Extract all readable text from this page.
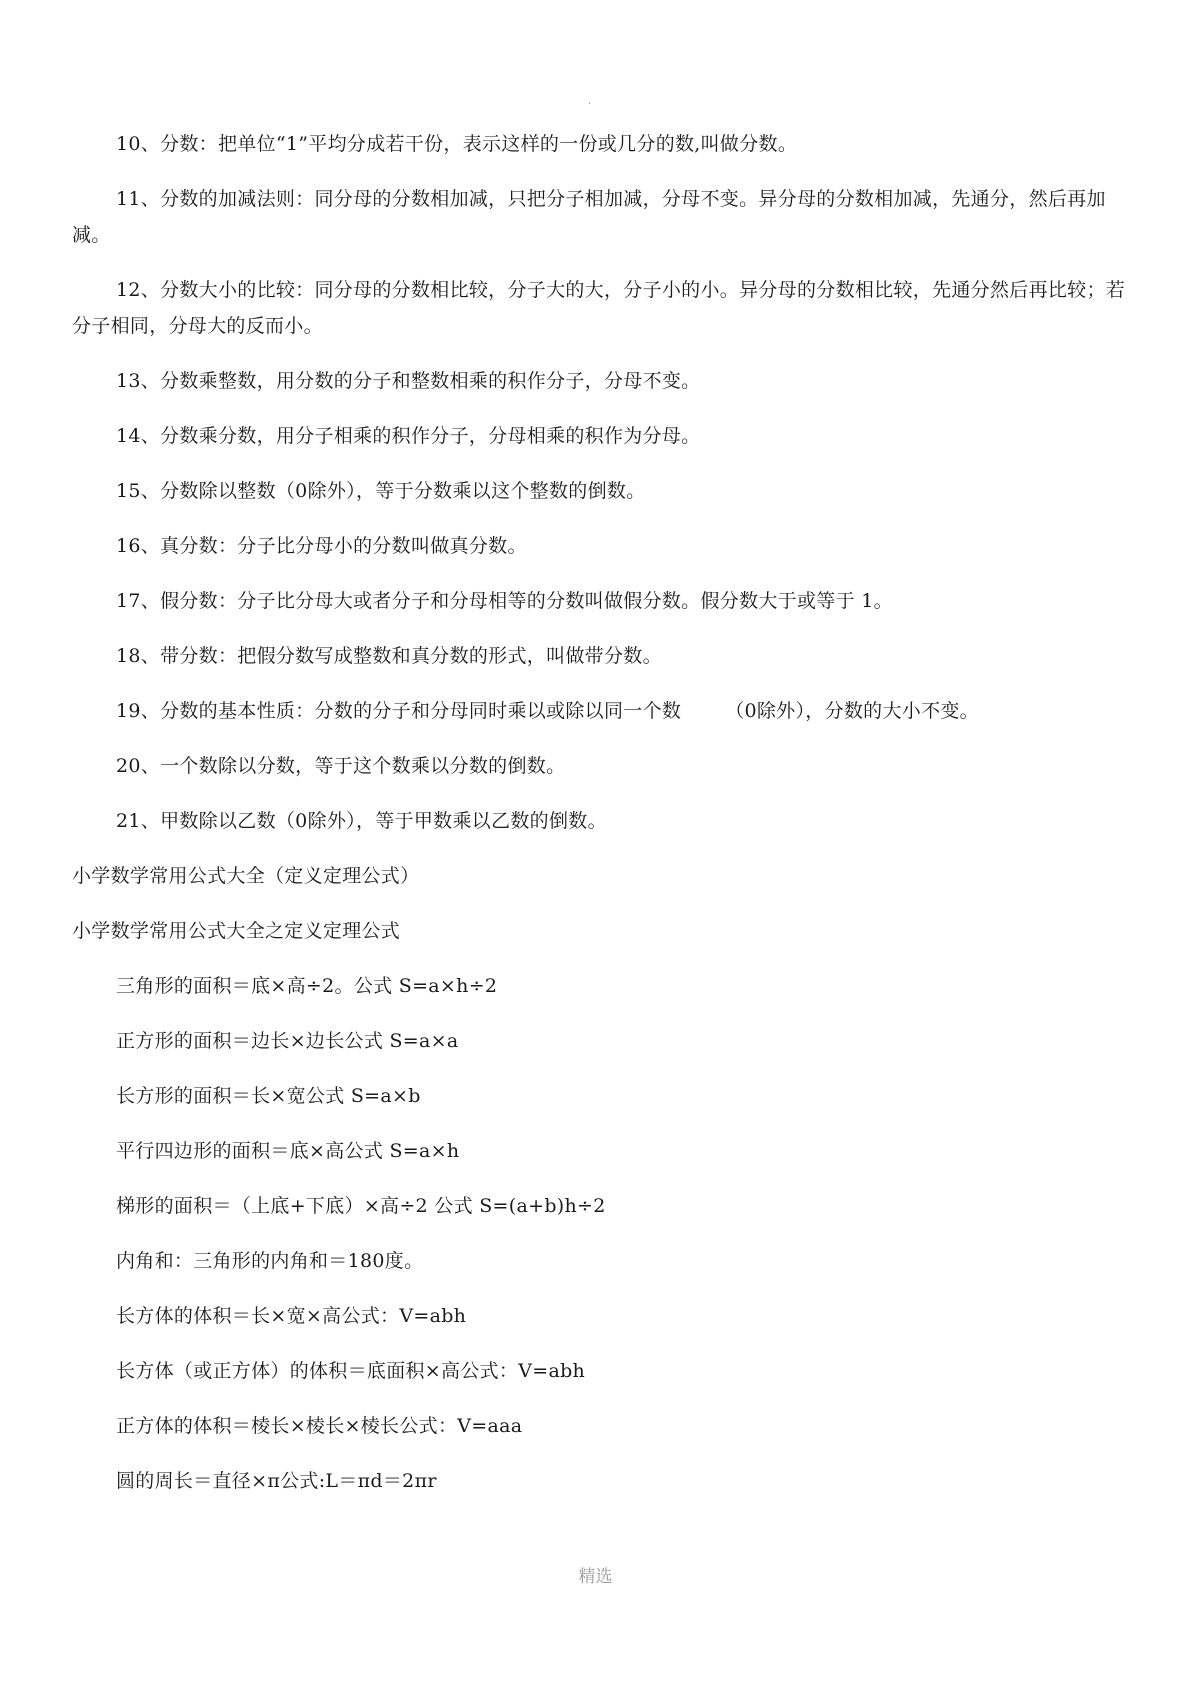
.

10、分数：把单位“1”平均分成若干份，表示这样的一份或几分的数,叫做分数。

11、分数的加减法则：同分母的分数相加减，只把分子相加减，分母不变。异分母的分数相加减，先通分，然后再加减。

12、分数大小的比较：同分母的分数相比较，分子大的大，分子小的小。异分母的分数相比较，先通分然后再比较；若分子相同，分母大的反而小。

13、分数乘整数，用分数的分子和整数相乘的积作分子，分母不变。

14、分数乘分数，用分子相乘的积作分子，分母相乘的积作为分母。

15、分数除以整数（0除外），等于分数乘以这个整数的倒数。

16、真分数：分子比分母小的分数叫做真分数。

17、假分数：分子比分母大或者分子和分母相等的分数叫做假分数。假分数大于或等于 1。

18、带分数：把假分数写成整数和真分数的形式，叫做带分数。

19、分数的基本性质：分数的分子和分母同时乘以或除以同一个数 （0除外），分数的大小不变。

20、一个数除以分数，等于这个数乘以分数的倒数。

21、甲数除以乙数（0除外），等于甲数乘以乙数的倒数。

小学数学常用公式大全（定义定理公式）

小学数学常用公式大全之定义定理公式

三角形的面积＝底×高÷2。公式 S=a×h÷2

正方形的面积＝边长×边长公式 S=a×a

长方形的面积＝长×宽公式 S=a×b

平行四边形的面积＝底×高公式 S=a×h

梯形的面积＝（上底+下底）×高÷2 公式 S=(a+b)h÷2

内角和：三角形的内角和＝180度。

长方体的体积＝长×宽×高公式：V=abh

长方体（或正方体）的体积＝底面积×高公式：V=abh

正方体的体积＝棱长×棱长×棱长公式：V=aaa

圆的周长＝直径×π公式:L＝πd＝2πr

精选
